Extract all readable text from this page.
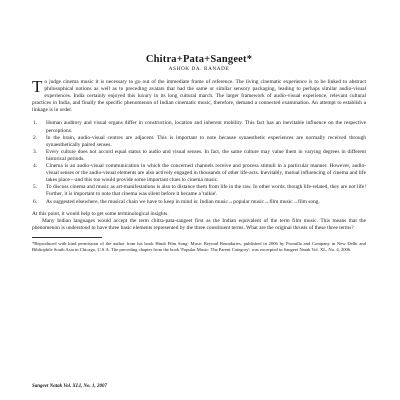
Chitra+Pata+Sangeet*
ASHOK DA. RANADE

To judge cinema music it is necessary to go out of the immediate frame of reference. The living cinematic experience is to be linked to abstract philosophical notions as well as to preceding avatars that had the same or similar sensory packaging, leading to perhaps similar audio-visual experiences. India certainly enjoyed this luxury in its long cultural march. The larger framework of audio-visual experience, relevant cultural practices in India, and finally the specific phenomenon of Indian cinematic music, therefore, demand a connected examination. An attempt to establish a linkage is in order.

1.	Human auditory and visual organs differ in construction, location and inherent mobility. This fact has an inevitable influence on the respective perceptions.
2.	In the brain, audio-visual centres are adjacent. This is important to note because synaesthetic experiences are normally received through synaesthetically paired senses.
3.	Every culture does not accord equal status to audio and visual senses. In fact, the same culture may value them in varying degrees in different historical periods.
4.	Cinema is an audio-visual communication in which the concerned channels receive and process stimuli in a particular manner. However, audio-visual senses or the audio-visual elements are also actively engaged in thousands of other life-acts. Inevitably, mutual influencing of cinema and life takes place—and this too would provide some important clues to cinema music.
5.	To discuss cinema and music as art-manifestations is also to distance them from life in the raw. In other words, though life-related, they are not life! Further, it is important to note that cinema was silent before it became a 'talkie'.
6.	As suggested elsewhere, the musical chain we have to keep in mind is: Indian music→popular music→film music→film song.

At this point, it would help to get some terminological insights.

Many Indian languages would accept the term chitra-pata-sangeet first as the Indian equivalent of the term film music. This means that the phenomenon is understood to have three basic elements represented by the three constituent terms. What are the original thrusts of these three terms?

*Reproduced with kind permission of the author from his book Hindi Film Song: Music Beyond Boundaries, published in 2006 by Promilla and Company in New Delhi and Bibliophile South Asia in Chicago, U.S.A. The preceding chapter from the book 'Popular Music: The Parent Category', was excerpted in Sangeet Natak Vol. XL, No. 4, 2006.

Sangeet Natak Vol. XLI, No. 1, 2007
